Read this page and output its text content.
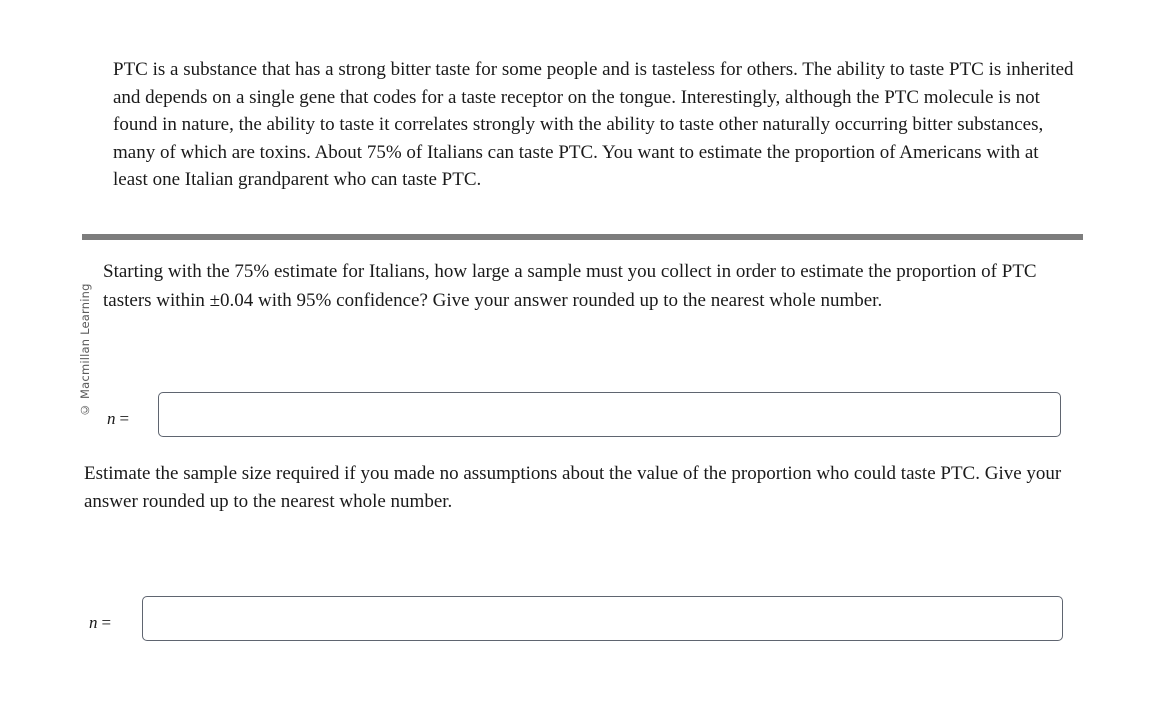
PTC is a substance that has a strong bitter taste for some people and is tasteless for others. The ability to taste PTC is inherited and depends on a single gene that codes for a taste receptor on the tongue. Interestingly, although the PTC molecule is not found in nature, the ability to taste it correlates strongly with the ability to taste other naturally occurring bitter substances, many of which are toxins. About 75% of Italians can taste PTC. You want to estimate the proportion of Americans with at least one Italian grandparent who can taste PTC.
© Macmillan Learning
Starting with the 75% estimate for Italians, how large a sample must you collect in order to estimate the proportion of PTC tasters within ±0.04 with 95% confidence? Give your answer rounded up to the nearest whole number.
n =
Estimate the sample size required if you made no assumptions about the value of the proportion who could taste PTC. Give your answer rounded up to the nearest whole number.
n =
